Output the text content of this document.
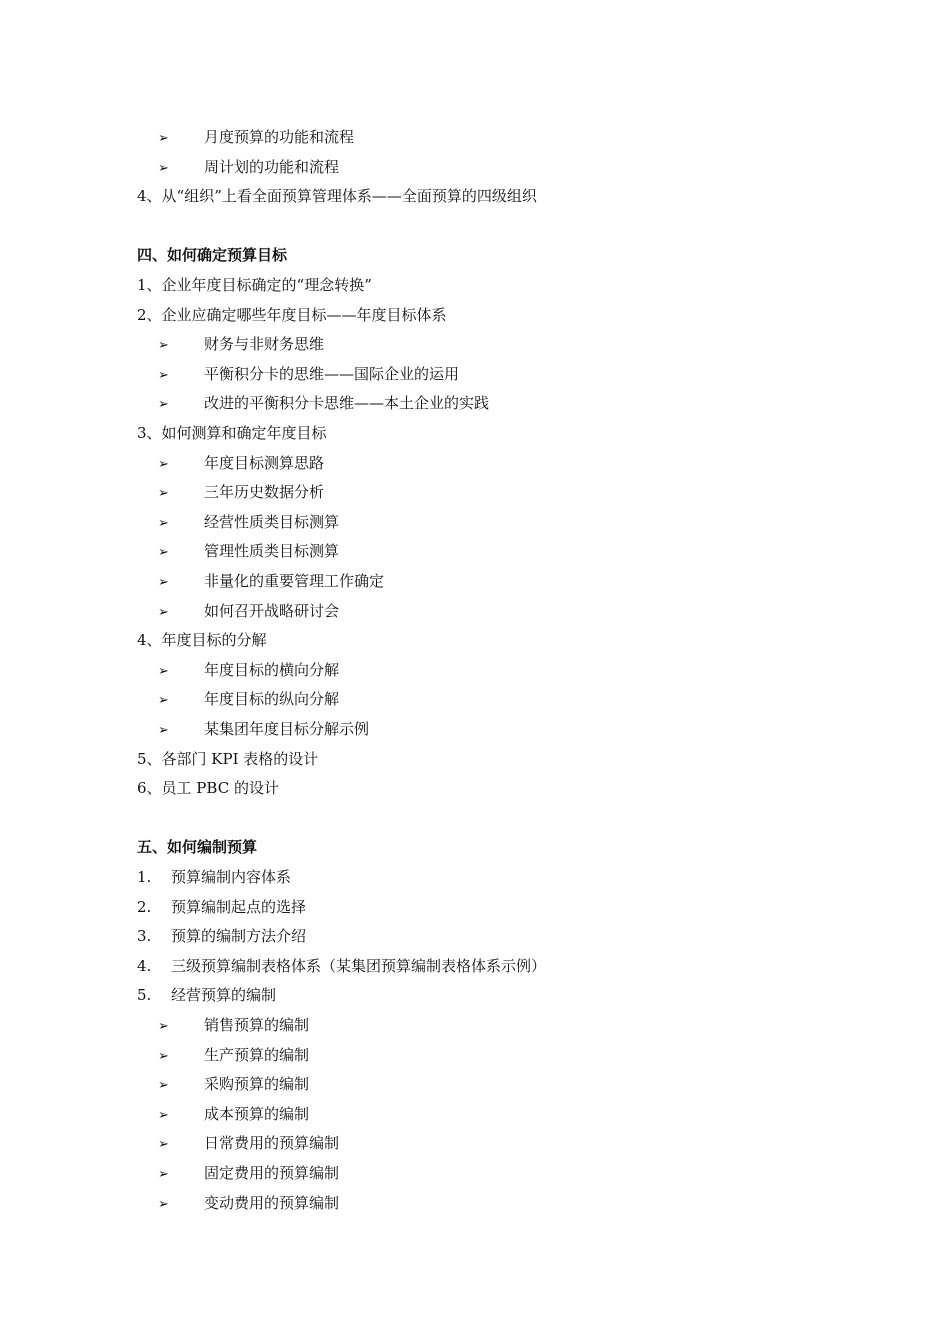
➢ 月度预算的功能和流程
➢ 周计划的功能和流程
4、从“组织”上看全面预算管理体系——全面预算的四级组织
四、如何确定预算目标
1、企业年度目标确定的“理念转换”
2、企业应确定哪些年度目标——年度目标体系
➢ 财务与非财务思维
➢ 平衡积分卡的思维——国际企业的运用
➢ 改进的平衡积分卡思维——本土企业的实践
3、如何测算和确定年度目标
➢ 年度目标测算思路
➢ 三年历史数据分析
➢ 经营性质类目标测算
➢ 管理性质类目标测算
➢ 非量化的重要管理工作确定
➢ 如何召开战略研讨会
4、年度目标的分解
➢ 年度目标的横向分解
➢ 年度目标的纵向分解
➢ 某集团年度目标分解示例
5、各部门 KPI 表格的设计
6、员工 PBC 的设计
五、如何编制预算
1. 预算编制内容体系
2. 预算编制起点的选择
3. 预算的编制方法介绍
4. 三级预算编制表格体系（某集团预算编制表格体系示例）
5. 经营预算的编制
➢ 销售预算的编制
➢ 生产预算的编制
➢ 采购预算的编制
➢ 成本预算的编制
➢ 日常费用的预算编制
➢ 固定费用的预算编制
➢ 变动费用的预算编制
